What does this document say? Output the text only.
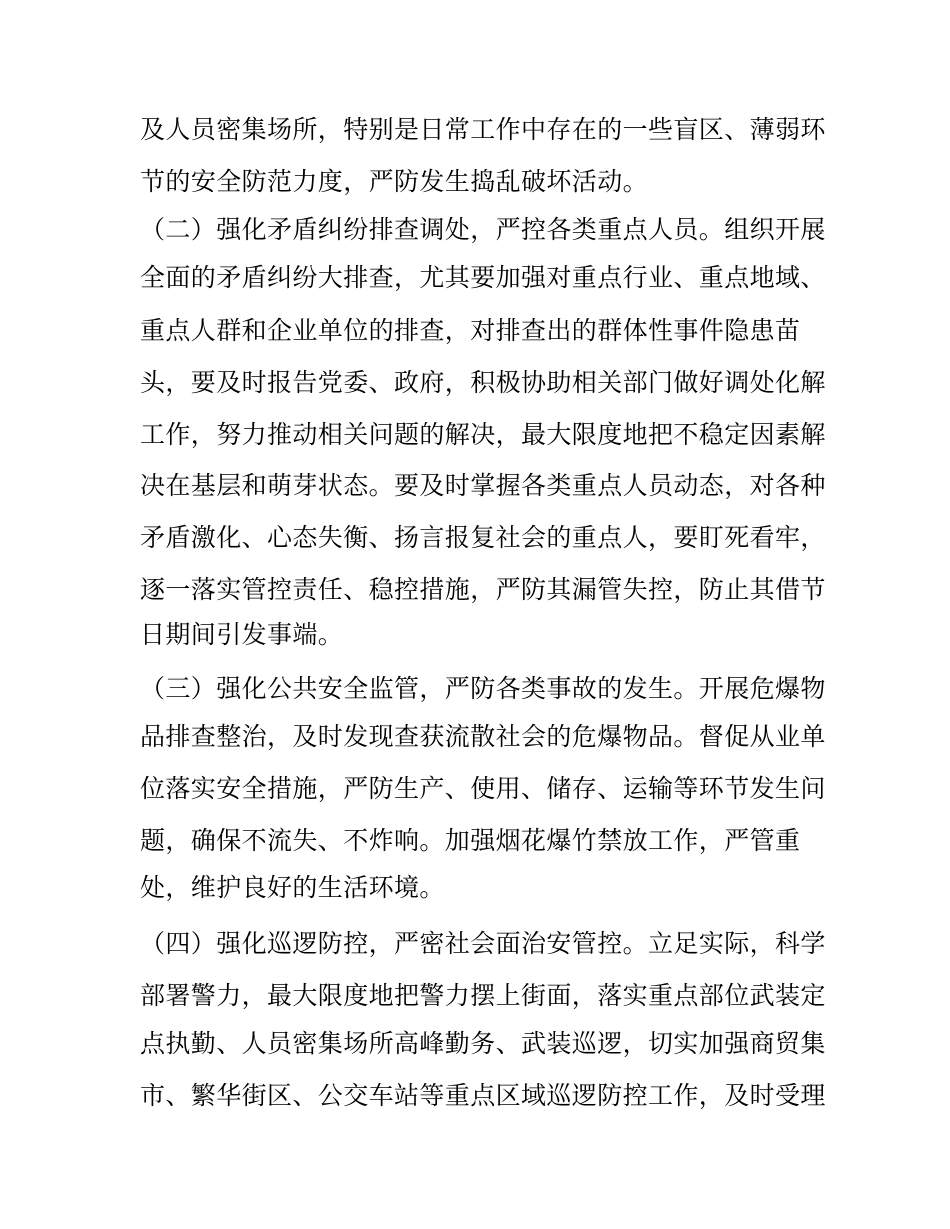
及人员密集场所，特别是日常工作中存在的一些盲区、薄弱环
节的安全防范力度，严防发生捣乱破坏活动。
（二）强化矛盾纠纷排查调处，严控各类重点人员。组织开展
全面的矛盾纠纷大排查，尤其要加强对重点行业、重点地域、
重点人群和企业单位的排查，对排查出的群体性事件隐患苗
头，要及时报告党委、政府，积极协助相关部门做好调处化解
工作，努力推动相关问题的解决，最大限度地把不稳定因素解
决在基层和萌芽状态。要及时掌握各类重点人员动态，对各种
矛盾激化、心态失衡、扬言报复社会的重点人，要盯死看牢，
逐一落实管控责任、稳控措施，严防其漏管失控，防止其借节
日期间引发事端。
（三）强化公共安全监管，严防各类事故的发生。开展危爆物
品排查整治，及时发现查获流散社会的危爆物品。督促从业单
位落实安全措施，严防生产、使用、储存、运输等环节发生问
题，确保不流失、不炸响。加强烟花爆竹禁放工作，严管重
处，维护良好的生活环境。
（四）强化巡逻防控，严密社会面治安管控。立足实际，科学
部署警力，最大限度地把警力摆上街面，落实重点部位武装定
点执勤、人员密集场所高峰勤务、武装巡逻，切实加强商贸集
市、繁华街区、公交车站等重点区域巡逻防控工作，及时受理
